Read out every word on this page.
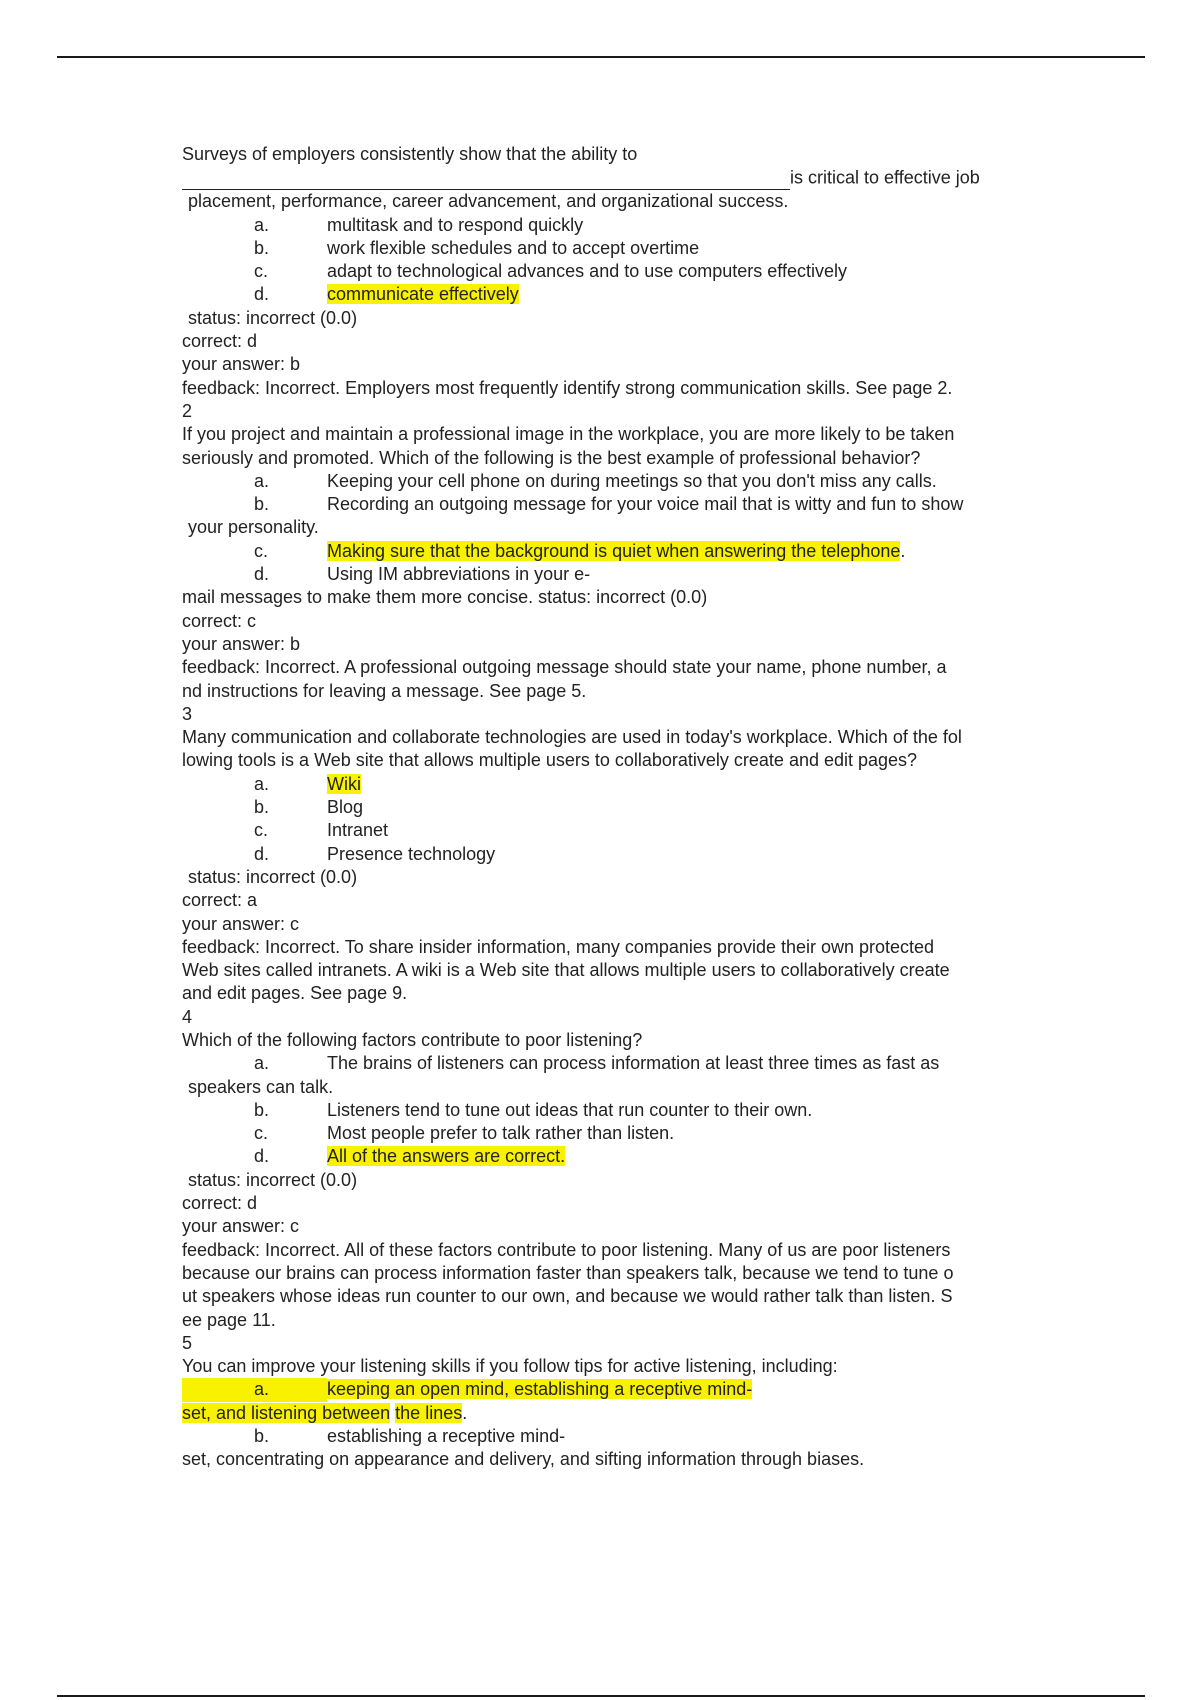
Surveys of employers consistently show that the ability to
is critical to effective job
placement, performance, career advancement, and organizational success.
a.	multitask and to respond quickly
b.	work flexible schedules and to accept overtime
c.	adapt to technological advances and to use computers effectively
d.	communicate effectively
status: incorrect (0.0)
correct: d
your answer: b
feedback: Incorrect. Employers most frequently identify strong communication skills. See page 2.
2
If you project and maintain a professional image in the workplace, you are more likely to be taken
seriously and promoted. Which of the following is the best example of professional behavior?
a.	Keeping your cell phone on during meetings so that you don't miss any calls.
b.	Recording an outgoing message for your voice mail that is witty and fun to show
your personality.
c.	Making sure that the background is quiet when answering the telephone.
d.	Using IM abbreviations in your e-
mail messages to make them more concise. status: incorrect (0.0)
correct: c
your answer: b
feedback: Incorrect. A professional outgoing message should state your name, phone number, a
nd instructions for leaving a message. See page 5.
3
Many communication and collaborate technologies are used in today's workplace. Which of the fol
lowing tools is a Web site that allows multiple users to collaboratively create and edit pages?
a.	Wiki
b.	Blog
c.	Intranet
d.	Presence technology
status: incorrect (0.0)
correct: a
your answer: c
feedback: Incorrect. To share insider information, many companies provide their own protected
Web sites called intranets. A wiki is a Web site that allows multiple users to collaboratively create
and edit pages. See page 9.
4
Which of the following factors contribute to poor listening?
a.	The brains of listeners can process information at least three times as fast as
speakers can talk.
b.	Listeners tend to tune out ideas that run counter to their own.
c.	Most people prefer to talk rather than listen.
d.	All of the answers are correct.
status: incorrect (0.0)
correct: d
your answer: c
feedback: Incorrect. All of these factors contribute to poor listening. Many of us are poor listeners
because our brains can process information faster than speakers talk, because we tend to tune o
ut speakers whose ideas run counter to our own, and because we would rather talk than listen. S
ee page 11.
5
You can improve your listening skills if you follow tips for active listening, including:
a.	keeping an open mind, establishing a receptive mind-
set, and listening between the lines.
b.	establishing a receptive mind-
set, concentrating on appearance and delivery, and sifting information through biases.
